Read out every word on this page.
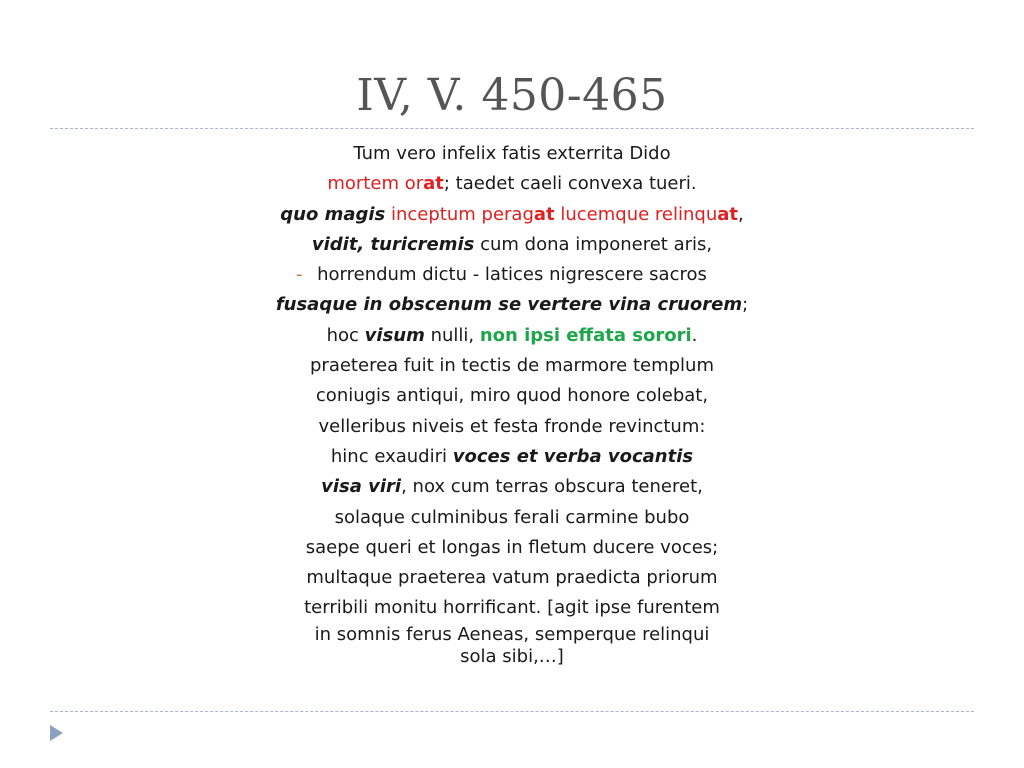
IV, V. 450-465
Tum vero infelix fatis exterrita Dido
mortem orat; taedet caeli convexa tueri.
quo magis inceptum peragat lucemque relinquat,
vidit, turicremis cum dona imponeret aris,
- horrendum dictu - latices nigrescere sacros
fusaque in obscenum se vertere vina cruorem;
hoc visum nulli, non ipsi effata sorori.
praeterea fuit in tectis de marmore templum
coniugis antiqui, miro quod honore colebat,
velleribus niveis et festa fronde revinctum:
hinc exaudiri voces et verba vocantis
visa viri, nox cum terras obscura teneret,
solaque culminibus ferali carmine bubo
saepe queri et longas in fletum ducere voces;
multaque praeterea vatum praedicta priorum
terribili monitu horrificant. [agit ipse furentem
in somnis ferus Aeneas, semperque relinqui
sola sibi,…]
